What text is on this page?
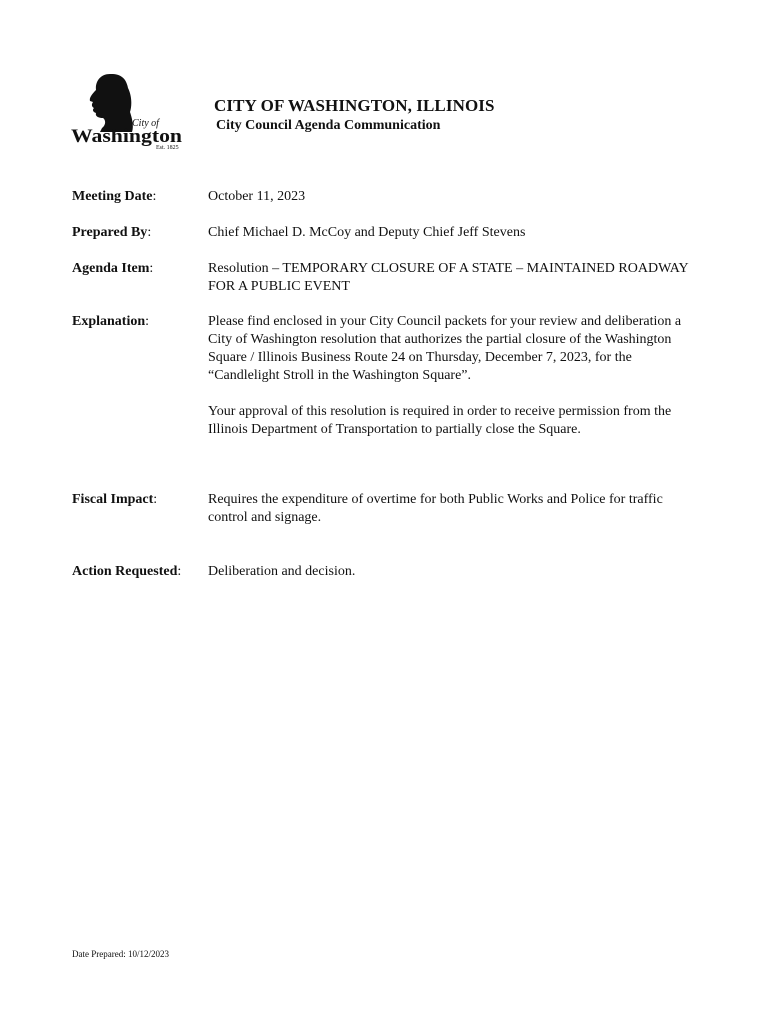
City of
Washington
Est. 1825
CITY OF WASHINGTON, ILLINOIS
City Council Agenda Communication
Meeting Date:	October 11, 2023
Prepared By:	Chief Michael D. McCoy and Deputy Chief Jeff Stevens
Agenda Item:	Resolution – TEMPORARY CLOSURE OF A STATE – MAINTAINED ROADWAY FOR A PUBLIC EVENT
Explanation:	Please find enclosed in your City Council packets for your review and deliberation a City of Washington resolution that authorizes the partial closure of the Washington Square / Illinois Business Route 24 on Thursday, December 7, 2023, for the “Candlelight Stroll in the Washington Square”.

Your approval of this resolution is required in order to receive permission from the Illinois Department of Transportation to partially close the Square.

Fiscal Impact:	Requires the expenditure of overtime for both Public Works and Police for traffic control and signage.
Action Requested: Deliberation and decision.
Date Prepared: 10/12/2023
